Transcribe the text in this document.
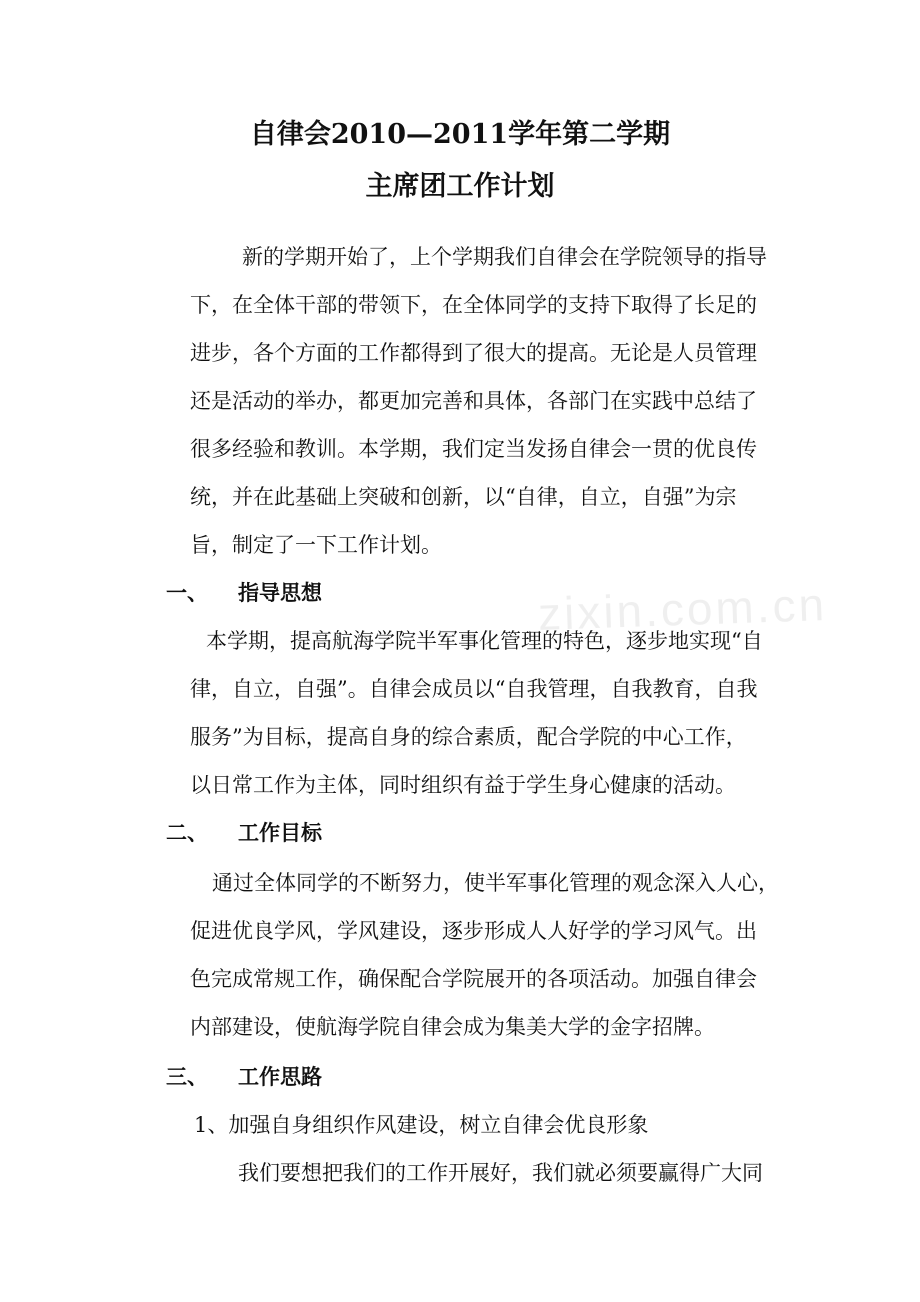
zixin.com.cn
自律会2010—2011学年第二学期
主席团工作计划
新的学期开始了，上个学期我们自律会在学院领导的指导
下，在全体干部的带领下，在全体同学的支持下取得了长足的
进步，各个方面的工作都得到了很大的提高。无论是人员管理
还是活动的举办，都更加完善和具体，各部门在实践中总结了
很多经验和教训。本学期，我们定当发扬自律会一贯的优良传
统，并在此基础上突破和创新，以“自律，自立，自强”为宗
旨，制定了一下工作计划。
一、 指导思想
本学期，提高航海学院半军事化管理的特色，逐步地实现“自
律，自立，自强”。自律会成员以“自我管理，自我教育，自我
服务”为目标，提高自身的综合素质，配合学院的中心工作，
以日常工作为主体，同时组织有益于学生身心健康的活动。
二、 工作目标
通过全体同学的不断努力，使半军事化管理的观念深入人心，
促进优良学风，学风建设，逐步形成人人好学的学习风气。出
色完成常规工作，确保配合学院展开的各项活动。加强自律会
内部建设，使航海学院自律会成为集美大学的金字招牌。
三、 工作思路
1、加强自身组织作风建设，树立自律会优良形象
我们要想把我们的工作开展好，我们就必须要赢得广大同
